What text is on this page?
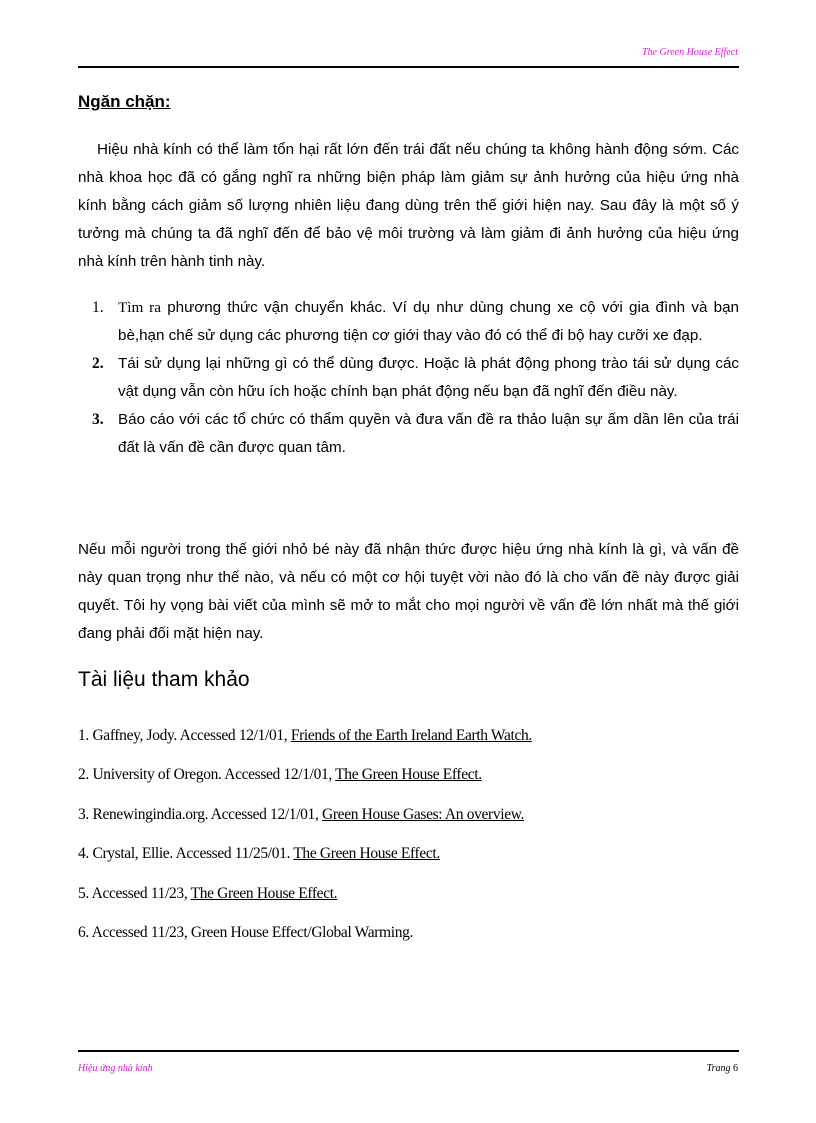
The Green House Effect
Ngăn chặn:

Hiệu nhà kính có thể làm tổn hại rất lớn đến trái đất nếu chúng ta không hành động sớm. Các nhà khoa học đã có gắng nghĩ ra những biện pháp làm giảm sự ảnh hưởng của hiệu ứng nhà kính bằng cách giảm số lượng nhiên liệu đang dùng trên thế giới hiện nay. Sau đây là một số ý tưởng mà chúng ta đã nghĩ đến để bảo vệ môi trường và làm giảm đi ảnh hưởng của hiệu ứng nhà kính trên hành tinh này.

1. Tìm ra phương thức vận chuyển khác. Ví dụ như dùng chung xe cộ với gia đình và bạn bè,hạn chế sử dụng các phương tiện cơ giới thay vào đó có thể đi bộ hay cưỡi xe đạp.
2. Tái sử dụng lại những gì có thể dùng được. Hoặc là phát động phong trào tái sử dụng các vật dụng vẫn còn hữu ích hoặc chính bạn phát động nếu bạn đã nghĩ đến điều này.
3. Báo cáo với các tổ chức có thẩm quyền và đưa vấn đề ra thảo luận sự ấm dần lên của trái đất là vấn đề cần được quan tâm.

Nếu mỗi người trong thế giới nhỏ bé này đã nhận thức được hiệu ứng nhà kính là gì, và vấn đề này quan trọng như thế nào, và nếu có một cơ hội tuyệt vời nào đó là cho vấn đề này được giải quyết. Tôi hy vọng bài viết của mình sẽ mở to mắt cho mọi người về vấn đề lớn nhất mà thế giới đang phải đối mặt hiện nay.

Tài liệu tham khảo
1. Gaffney, Jody. Accessed 12/1/01, Friends of the Earth Ireland Earth Watch.
2. University of Oregon. Accessed 12/1/01, The Green House Effect.
3. Renewingindia.org. Accessed 12/1/01, Green House Gases: An overview.
4. Crystal, Ellie. Accessed 11/25/01. The Green House Effect.
5. Accessed 11/23, The Green House Effect.
6. Accessed 11/23, Green House Effect/Global Warming.
Hiệu ứng nhà kính	Trang 6
